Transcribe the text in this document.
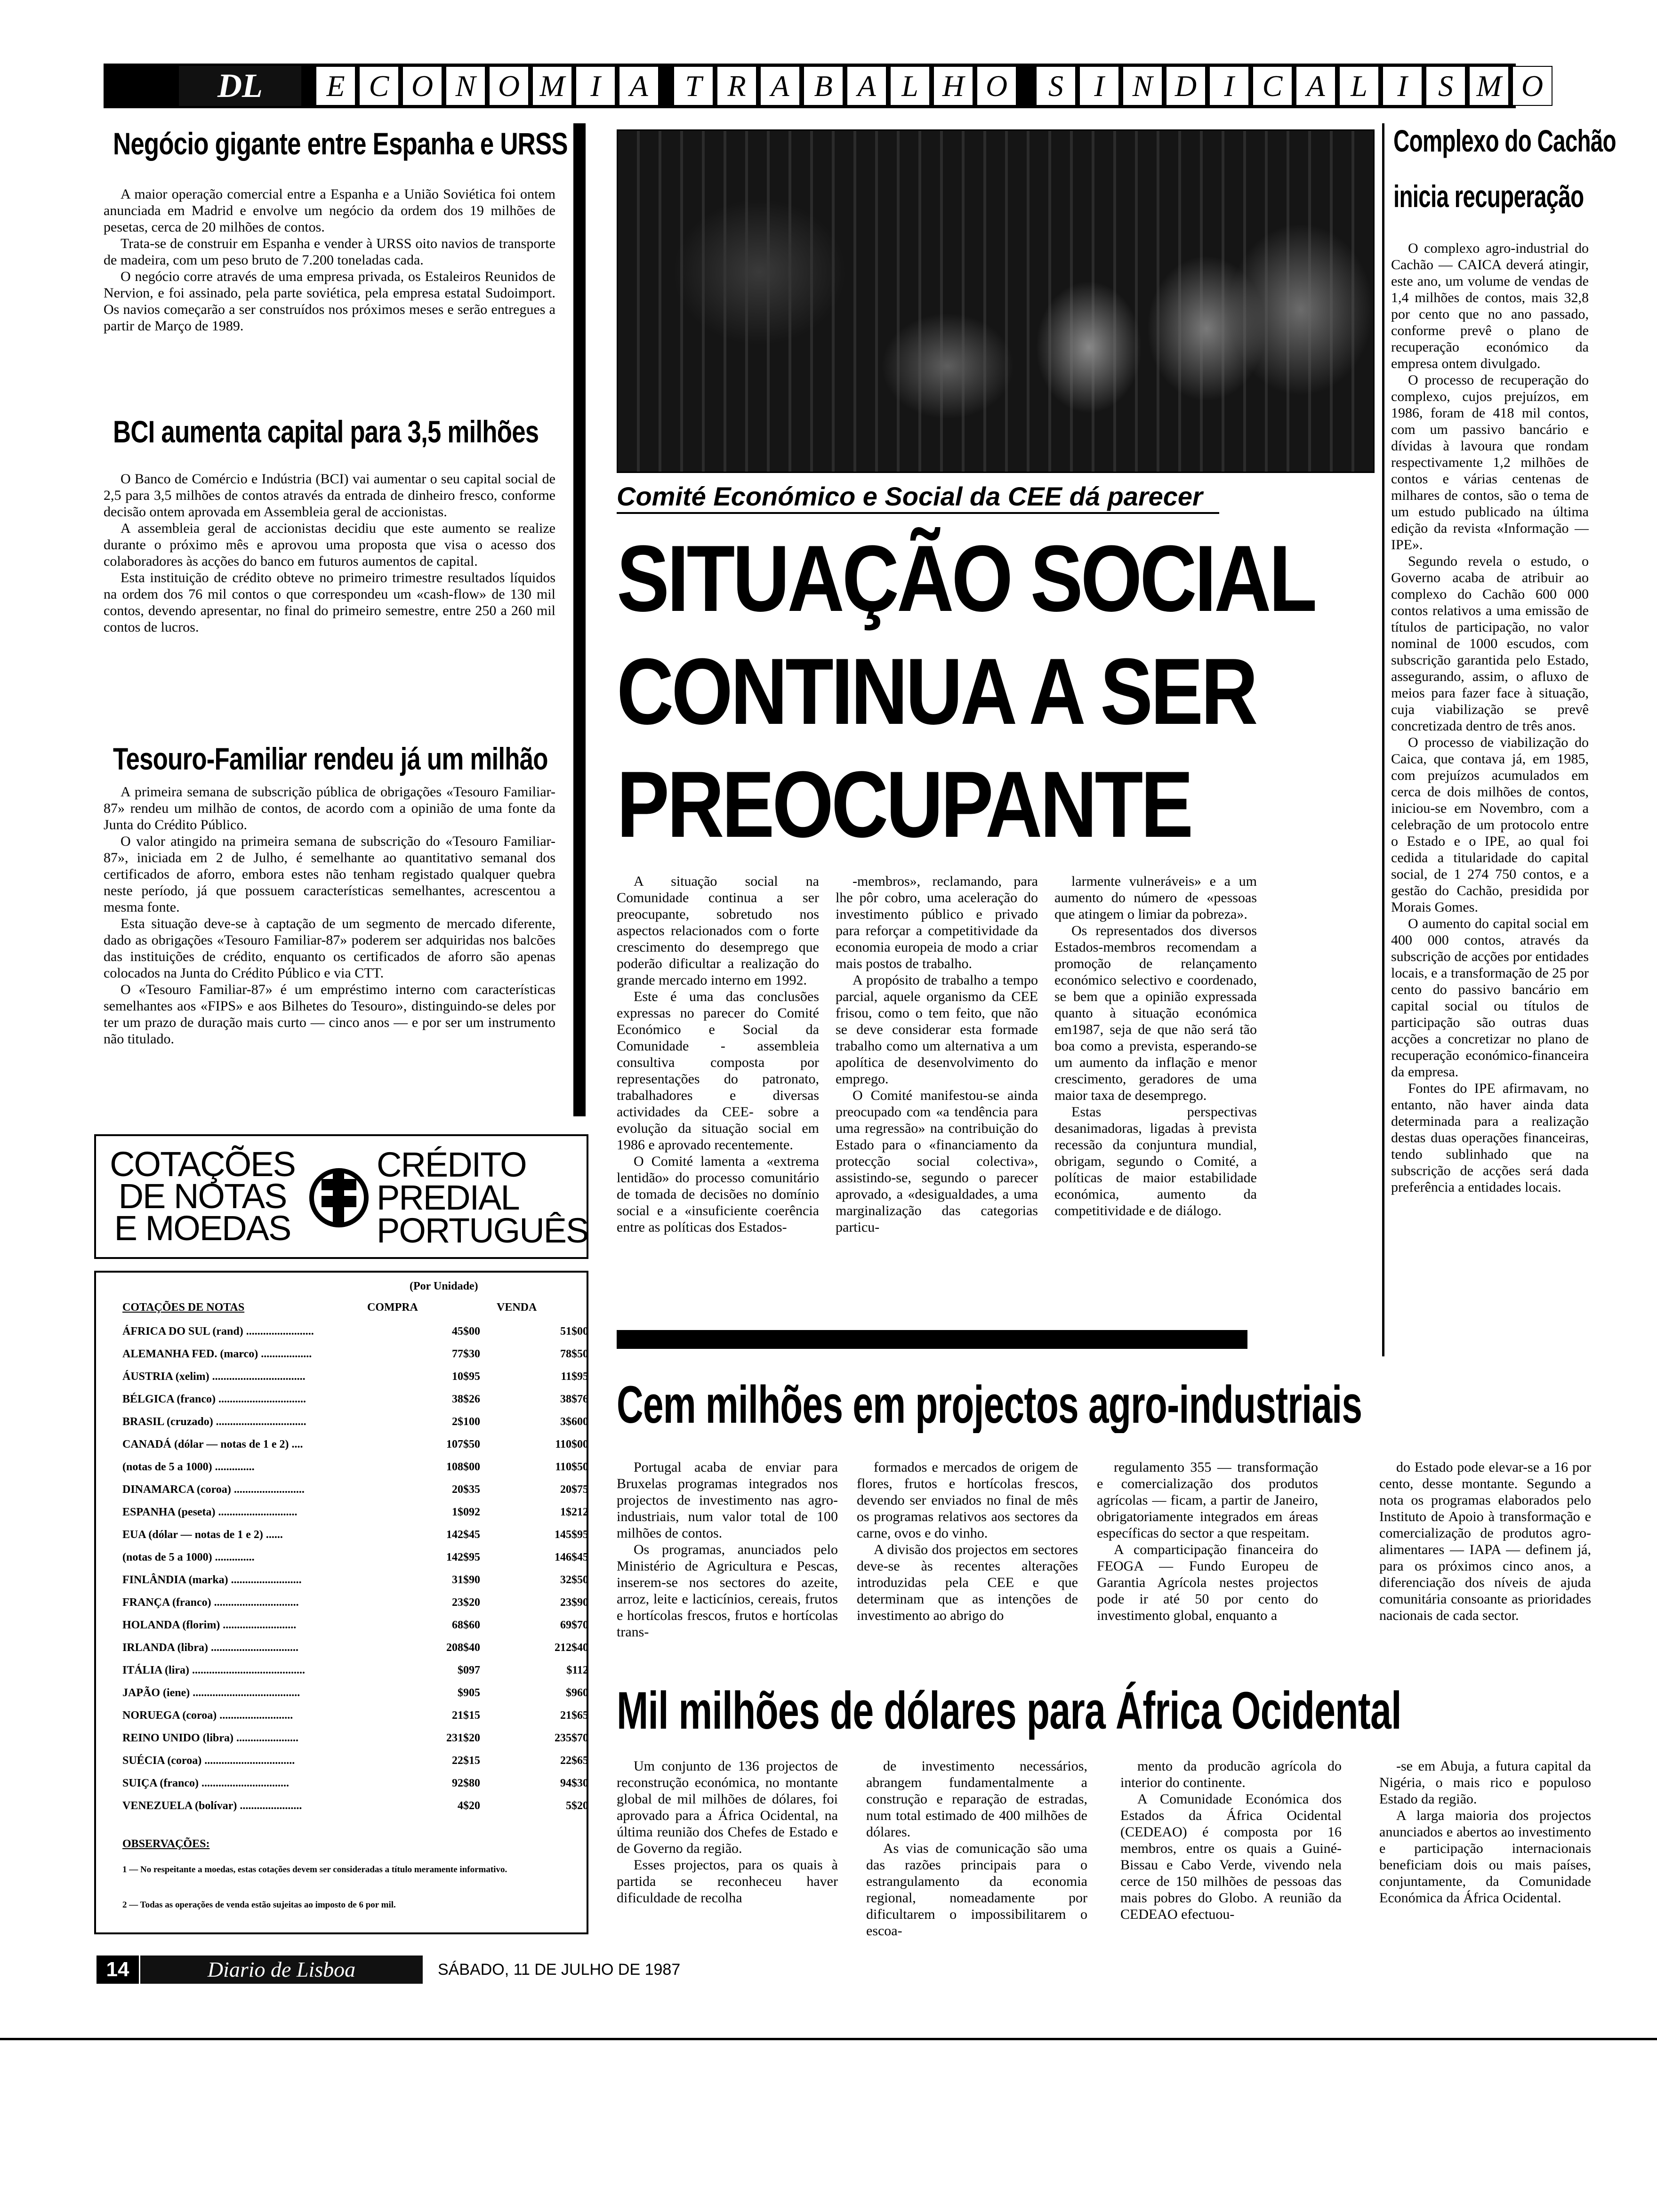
DL	E C O N O M I A	T R A B A L H O	S	I N D I C A L I	S M O
Negócio gigante entre Espanha e URSS

A maior operação comercial entre a Espanha e a União Soviética foi ontem anunciada em Madrid e envolve um negócio da ordem dos 19 milhões de pesetas, cerca de 20 milhões de contos.

Trata-se de construir em Espanha e vender à URSS oito navios de transporte de madeira, com um peso bruto de 7.200 toneladas cada.

O negócio corre através de uma empresa privada, os Estaleiros Reunidos de Nervion, e foi assinado, pela parte soviética, pela empresa estatal Sudoimport. Os navios começarão a ser construídos nos próximos meses e serão entregues a partir de Março de 1989.

BCI aumenta capital para 3,5 milhões

O Banco de Comércio e Indústria (BCI) vai aumentar o seu capital social de 2,5 para 3,5 milhões de contos através da entrada de dinheiro fresco, conforme decisão ontem aprovada em Assembleia geral de accionistas.

A assembleia geral de accionistas decidiu que este aumento se realize durante o próximo mês e aprovou uma proposta que visa o acesso dos colaboradores às acções do banco em futuros aumentos de capital.

Esta instituição de crédito obteve no primeiro trimestre resultados líquidos na ordem dos 76 mil contos o que correspondeu um «cash-flow» de 130 mil contos, devendo apresentar, no final do primeiro semestre, entre 250 a 260 mil contos de lucros.

Tesouro-Familiar rendeu já um milhão

A primeira semana de subscrição pública de obrigações «Tesouro Familiar-87» rendeu um milhão de contos, de acordo com a opinião de uma fonte da Junta do Crédito Público.

O valor atingido na primeira semana de subscrição do «Tesouro Familiar-87», iniciada em 2 de Julho, é semelhante ao quantitativo semanal dos certificados de aforro, embora estes não tenham registado qualquer quebra neste período, já que possuem características semelhantes, acrescentou a mesma fonte.

Esta situação deve-se à captação de um segmento de mercado diferente, dado as obrigações «Tesouro Familiar-87» poderem ser adquiridas nos balcões das instituições de crédito, enquanto os certificados de aforro são apenas colocados na Junta do Crédito Público e via CTT.

O «Tesouro Familiar-87» é um empréstimo interno com características semelhantes aos «FIPS» e aos Bilhetes do Tesouro», distinguindo-se deles por ter um prazo de duração mais curto — cinco anos — e por ser um instrumento não titulado.

COTAÇÕES
DE NOTAS
E MOEDAS
CRÉDITO
PREDIAL
PORTUGUÊS
(Por Unidade)
COTAÇÕES DE NOTAS	COMPRA	VENDA
ÁFRICA DO SUL (rand) ........................	45$00	51$00
ALEMANHA FED. (marco) ..................	77$30	78$50
ÁUSTRIA (xelim) .................................	10$95	11$95
BÉLGICA (franco) ...............................	38$26	38$76
BRASIL (cruzado) ................................	2$100	3$600
CANADÁ (dólar — notas de 1 e 2) ....	107$50	110$00
(notas de 5 a 1000) ..............	108$00	110$50
DINAMARCA (coroa) .........................	20$35	20$75
ESPANHA (peseta) ............................	1$092	1$212
EUA (dólar — notas de 1 e 2) ......	142$45	145$95
(notas de 5 a 1000) ..............	142$95	146$45
FINLÂNDIA (marka) .........................	31$90	32$50
FRANÇA (franco) ..............................	23$20	23$90
HOLANDA (florim) ..........................	68$60	69$70
IRLANDA (libra) ...............................	208$40	212$40
ITÁLIA (lira) ........................................	$097	$112
JAPÃO (iene) ......................................	$905	$960
NORUEGA (coroa) ..........................	21$15	21$65
REINO UNIDO (libra) ......................	231$20	235$70
SUÉCIA (coroa) ................................	22$15	22$65
SUIÇA (franco) ...............................	92$80	94$30
VENEZUELA (bolívar) ......................	4$20	5$20
OBSERVAÇÕES:
1 — No respeitante a moedas, estas cotações devem ser consideradas a título meramente informativo.
2 — Todas as operações de venda estão sujeitas ao imposto de 6 por mil.
Comité Económico e Social da CEE dá parecer
SITUAÇÃO SOCIAL
CONTINUA A SER
PREOCUPANTE

A situação social na Comunidade continua a ser preocupante, sobretudo nos aspectos relacionados com o forte crescimento do desemprego que poderão dificultar a realização do grande mercado interno em 1992.

Este é uma das conclusões expressas no parecer do Comité Económico e Social da Comunidade - assembleia consultiva composta por representações do patronato, trabalhadores e diversas actividades da CEE- sobre a evolução da situação social em 1986 e aprovado recentemente.

O Comité lamenta a «extrema lentidão» do processo comunitário de tomada de decisões no domínio social e a «insuficiente coerência entre as políticas dos Estados-

-membros», reclamando, para lhe pôr cobro, uma aceleração do investimento público e privado para reforçar a competitividade da economia europeia de modo a criar mais postos de trabalho.

A propósito de trabalho a tempo parcial, aquele organismo da CEE frisou, como o tem feito, que não se deve considerar esta formade trabalho como um alternativa a um apolítica de desenvolvimento do emprego.

O Comité manifestou-se ainda preocupado com «a tendência para uma regressão» na contribuição do Estado para o «financiamento da protecção social colectiva», assistindo-se, segundo o parecer aprovado, a «desigualdades, a uma marginalização das categorias particu-

larmente vulneráveis» e a um aumento do número de «pessoas que atingem o limiar da pobreza».

Os representados dos diversos Estados-membros recomendam a promoção de relançamento económico selectivo e coordenado, se bem que a opinião expressada quanto à situação económica em1987, seja de que não será tão boa como a prevista, esperando-se um aumento da inflação e menor crescimento, geradores de uma maior taxa de desemprego.

Estas perspectivas desanimadoras, ligadas à prevista recessão da conjuntura mundial, obrigam, segundo o Comité, a políticas de maior estabilidade económica, aumento da competitividade e de diálogo.

Complexo do Cachão
inicia recuperação

O complexo agro-industrial do Cachão — CAICA deverá atingir, este ano, um volume de vendas de 1,4 milhões de contos, mais 32,8 por cento que no ano passado, conforme prevê o plano de recuperação económico da empresa ontem divulgado.

O processo de recuperação do complexo, cujos prejuízos, em 1986, foram de 418 mil contos, com um passivo bancário e dívidas à lavoura que rondam respectivamente 1,2 milhões de contos e várias centenas de milhares de contos, são o tema de um estudo publicado na última edição da revista «Informação — IPE».

Segundo revela o estudo, o Governo acaba de atribuir ao complexo do Cachão 600 000 contos relativos a uma emissão de títulos de participação, no valor nominal de 1000 escudos, com subscrição garantida pelo Estado, assegurando, assim, o afluxo de meios para fazer face à situação, cuja viabilização se prevê concretizada dentro de três anos.

O processo de viabilização do Caica, que contava já, em 1985, com prejuízos acumulados em cerca de dois milhões de contos, iniciou-se em Novembro, com a celebração de um protocolo entre o Estado e o IPE, ao qual foi cedida a titularidade do capital social, de 1 274 750 contos, e a gestão do Cachão, presidida por Morais Gomes.

O aumento do capital social em 400 000 contos, através da subscrição de acções por entidades locais, e a transformação de 25 por cento do passivo bancário em capital social ou títulos de participação são outras duas acções a concretizar no plano de recuperação económico-financeira da empresa.

Fontes do IPE afirmavam, no entanto, não haver ainda data determinada para a realização destas duas operações financeiras, tendo sublinhado que na subscrição de acções será dada preferência a entidades locais.

Cem milhões em projectos agro-industriais

Portugal acaba de enviar para Bruxelas programas integrados nos projectos de investimento nas agro-industriais, num valor total de 100 milhões de contos.

Os programas, anunciados pelo Ministério de Agricultura e Pescas, inserem-se nos sectores do azeite, arroz, leite e lacticínios, cereais, frutos e hortícolas frescos, frutos e hortícolas trans-

formados e mercados de origem de flores, frutos e hortícolas frescos, devendo ser enviados no final de mês os programas relativos aos sectores da carne, ovos e do vinho.

A divisão dos projectos em sectores deve-se às recentes alterações introduzidas pela CEE e que determinam que as intenções de investimento ao abrigo do

regulamento 355 — transformação e comercialização dos produtos agrícolas — ficam, a partir de Janeiro, obrigatoriamente integrados em áreas específicas do sector a que respeitam.

A comparticipação financeira do FEOGA — Fundo Europeu de Garantia Agrícola nestes projectos pode ir até 50 por cento do investimento global, enquanto a

do Estado pode elevar-se a 16 por cento, desse montante. Segundo a nota os programas elaborados pelo Instituto de Apoio à transformação e comercialização de produtos agro-alimentares — IAPA — definem já, para os próximos cinco anos, a diferenciação dos níveis de ajuda comunitária consoante as prioridades nacionais de cada sector.

Mil milhões de dólares para África Ocidental

Um conjunto de 136 projectos de reconstrução económica, no montante global de mil milhões de dólares, foi aprovado para a África Ocidental, na última reunião dos Chefes de Estado e de Governo da região.

Esses projectos, para os quais à partida se reconheceu haver dificuldade de recolha

de investimento necessários, abrangem fundamentalmente a construção e reparação de estradas, num total estimado de 400 milhões de dólares.

As vias de comunicação são uma das razões principais para o estrangulamento da economia regional, nomeadamente por dificultarem o impossibilitarem o escoa-

mento da producão agrícola do interior do continente.

A Comunidade Económica dos Estados da África Ocidental (CEDEAO) é composta por 16 membros, entre os quais a Guiné-Bissau e Cabo Verde, vivendo nela cerce de 150 milhões de pessoas das mais pobres do Globo. A reunião da CEDEAO efectuou-

-se em Abuja, a futura capital da Nigéria, o mais rico e populoso Estado da região.

A larga maioria dos projectos anunciados e abertos ao investimento e participação internacionais beneficiam dois ou mais países, conjuntamente, da Comunidade Económica da África Ocidental.

14	Diario de Lisboa	SÁBADO, 11 DE JULHO DE 1987
